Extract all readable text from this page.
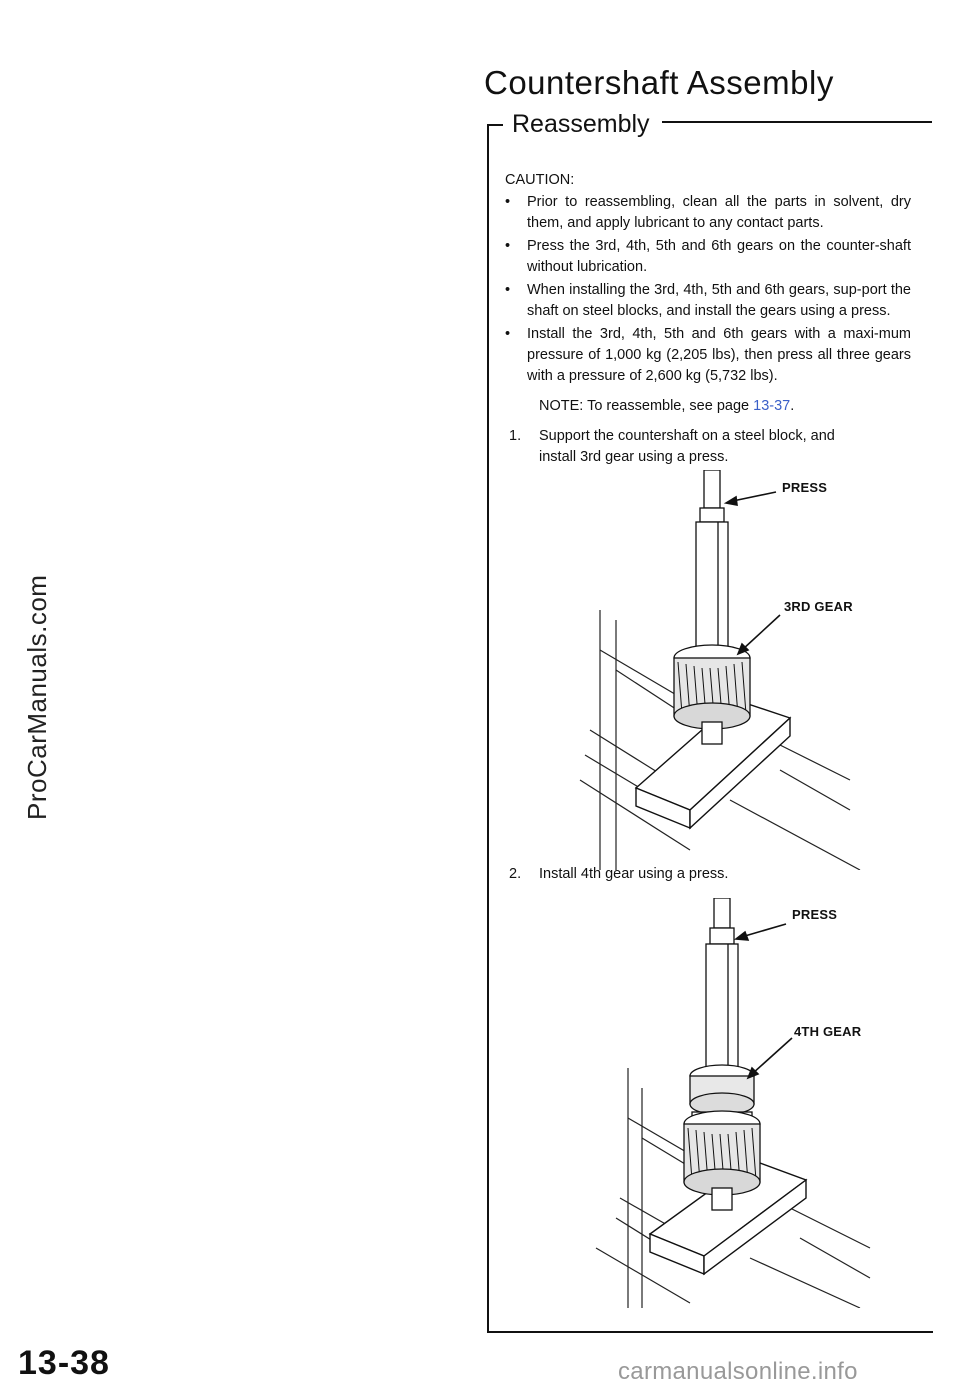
ProCarManuals.com
Countershaft Assembly
Reassembly
CAUTION:
• Prior to reassembling, clean all the parts in solvent, dry them, and apply lubricant to any contact parts.
• Press the 3rd, 4th, 5th and 6th gears on the counter-shaft without lubrication.
• When installing the 3rd, 4th, 5th and 6th gears, sup-port the shaft on steel blocks, and install the gears using a press.
• Install the 3rd, 4th, 5th and 6th gears with a maxi-mum pressure of 1,000 kg (2,205 lbs), then press all three gears with a pressure of 2,600 kg (5,732 lbs).
NOTE: To reassemble, see page 13-37.
1. Support the countershaft on a steel block, and
install 3rd gear using a press.
PRESS
3RD GEAR
2. Install 4th gear using a press.
PRESS
4TH GEAR
13-38	carmanualsonline.info
